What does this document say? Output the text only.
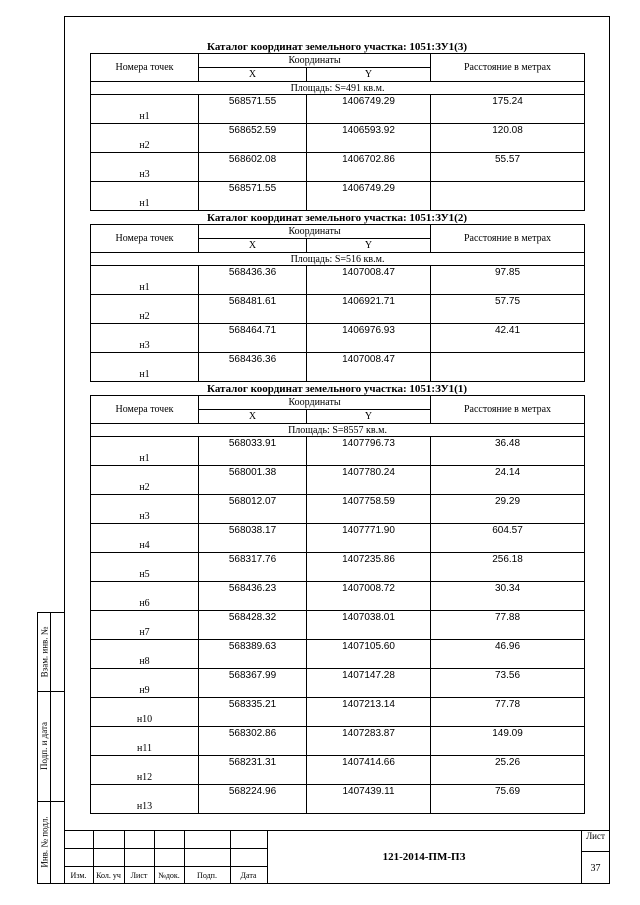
Каталог координат земельного участка: 1051:ЗУ1(3)
Номера точек	Координаты		Расстояние в метрах
	X	Y	
Площадь: S=491 кв.м.			
н1	568571.55	1406749.29	175.24
н2	568652.59	1406593.92	120.08
н3	568602.08	1406702.86	55.57
н1	568571.55	1406749.29	
Каталог координат земельного участка: 1051:ЗУ1(2)
Номера точек	Координаты		Расстояние в метрах
	X	Y	
Площадь: S=516 кв.м.			
н1	568436.36	1407008.47	97.85
н2	568481.61	1406921.71	57.75
н3	568464.71	1406976.93	42.41
н1	568436.36	1407008.47	
Каталог координат земельного участка: 1051:ЗУ1(1)
Номера точек	Координаты		Расстояние в метрах
	X	Y	
Площадь: S=8557 кв.м.			
н1	568033.91	1407796.73	36.48
н2	568001.38	1407780.24	24.14
н3	568012.07	1407758.59	29.29
н4	568038.17	1407771.90	604.57
н5	568317.76	1407235.86	256.18
н6	568436.23	1407008.72	30.34
н7	568428.32	1407038.01	77.88
н8	568389.63	1407105.60	46.96
н9	568367.99	1407147.28	73.56
н10	568335.21	1407213.14	77.78
н11	568302.86	1407283.87	149.09
н12	568231.31	1407414.66	25.26
н13	568224.96	1407439.11	75.69
Взам. инв. №
Подп. и дата
Инв. № подл.
Изм.	Кол. уч	Лист	№док.	Подп.	Дата
121-2014-ПМ-ПЗ
Лист
37
